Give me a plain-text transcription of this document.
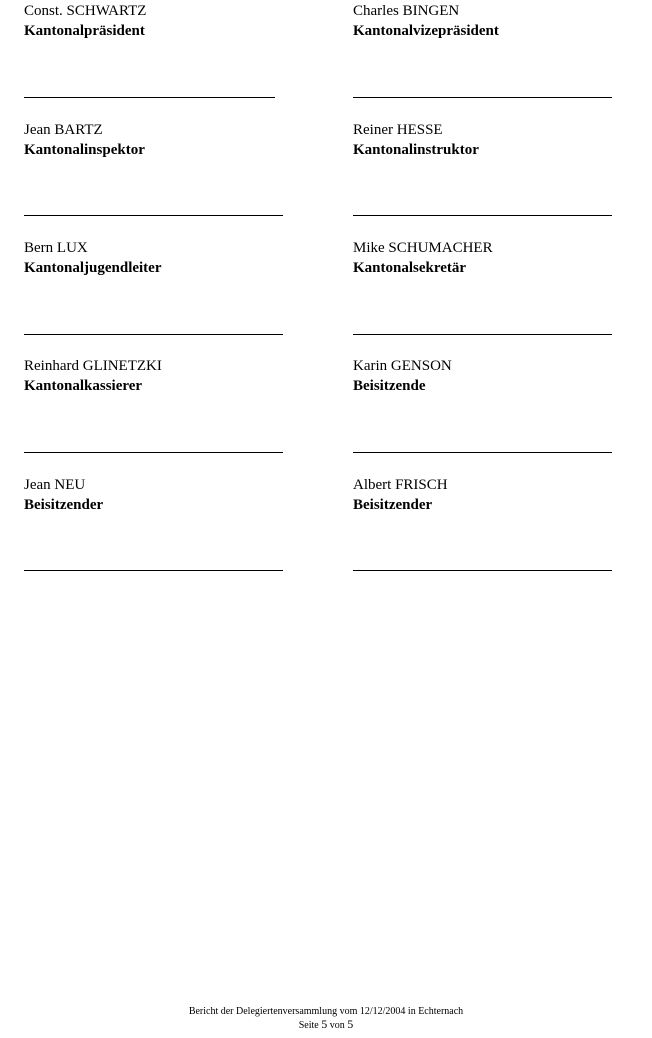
Const. SCHWARTZ
Kantonalpräsident
Charles BINGEN
Kantonalvizepräsident
Jean BARTZ
Kantonalinspektor
Reiner HESSE
Kantonalinstruktor
Bern LUX
Kantonaljugendleiter
Mike SCHUMACHER
Kantonalsekretär
Reinhard GLINETZKI
Kantonalkassierer
Karin GENSON
Beisitzende
Jean NEU
Beisitzender
Albert FRISCH
Beisitzender
Bericht der Delegiertenversammlung vom 12/12/2004 in Echternach
Seite 5 von 5
